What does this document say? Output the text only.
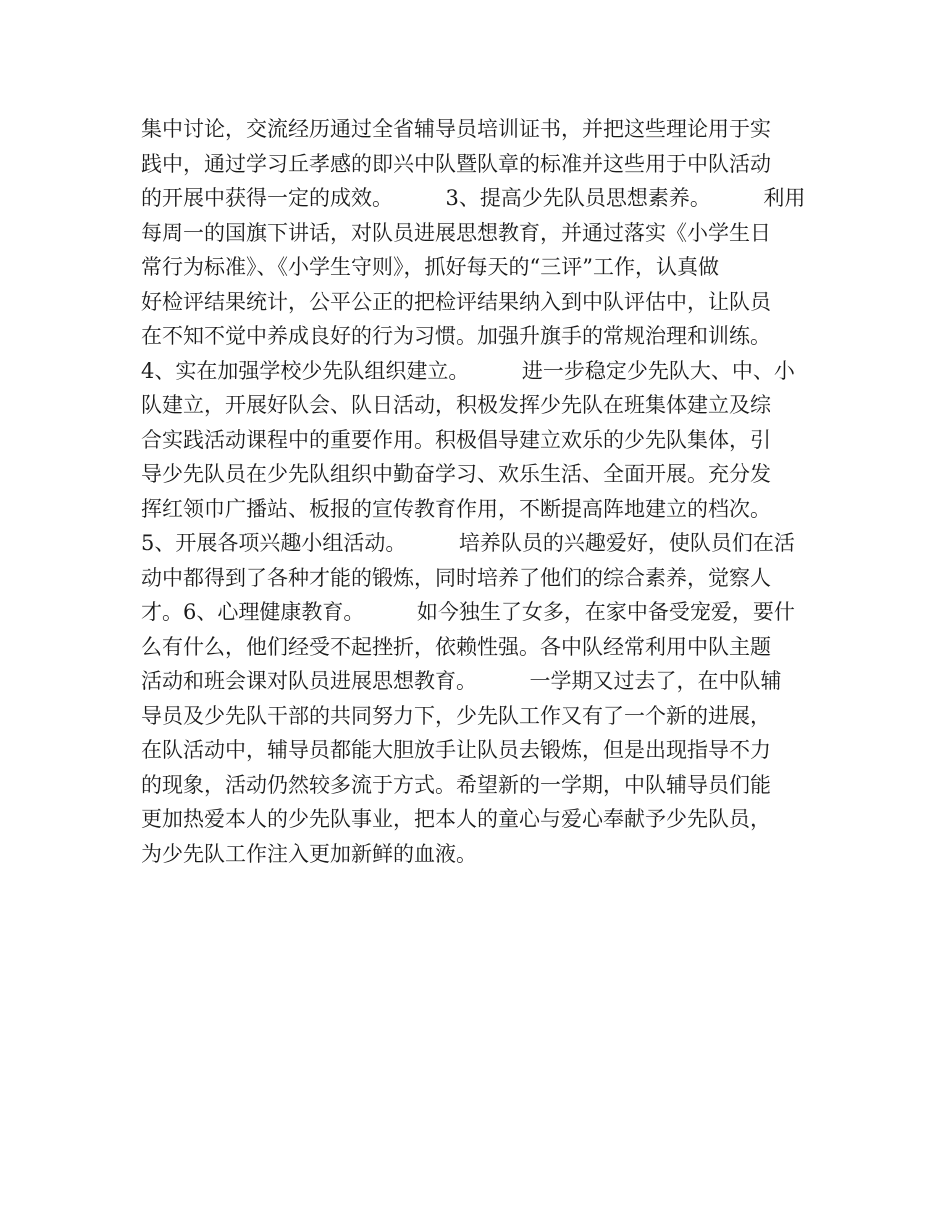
集中讨论，交流经历通过全省辅导员培训证书，并把这些理论用于实
践中，通过学习丘孝感的即兴中队暨队章的标准并这些用于中队活动
的开展中获得一定的成效。　　　3、提高少先队员思想素养。　　　利用
每周一的国旗下讲话，对队员进展思想教育，并通过落实《小学生日
常行为标准》、《小学生守则》，抓好每天的“三评”工作，认真做
好检评结果统计，公平公正的把检评结果纳入到中队评估中，让队员
在不知不觉中养成良好的行为习惯。加强升旗手的常规治理和训练。
4、实在加强学校少先队组织建立。　　　进一步稳定少先队大、中、小
队建立，开展好队会、队日活动，积极发挥少先队在班集体建立及综
合实践活动课程中的重要作用。积极倡导建立欢乐的少先队集体，引
导少先队员在少先队组织中勤奋学习、欢乐生活、全面开展。充分发
挥红领巾广播站、板报的宣传教育作用，不断提高阵地建立的档次。
5、开展各项兴趣小组活动。　　　培养队员的兴趣爱好，使队员们在活
动中都得到了各种才能的锻炼，同时培养了他们的综合素养，觉察人
才。6、心理健康教育。　　　如今独生了女多，在家中备受宠爱，要什
么有什么，他们经受不起挫折，依赖性强。各中队经常利用中队主题
活动和班会课对队员进展思想教育。　　　一学期又过去了，在中队辅
导员及少先队干部的共同努力下，少先队工作又有了一个新的进展，
在队活动中，辅导员都能大胆放手让队员去锻炼，但是出现指导不力
的现象，活动仍然较多流于方式。希望新的一学期，中队辅导员们能
更加热爱本人的少先队事业，把本人的童心与爱心奉献予少先队员，
为少先队工作注入更加新鲜的血液。
